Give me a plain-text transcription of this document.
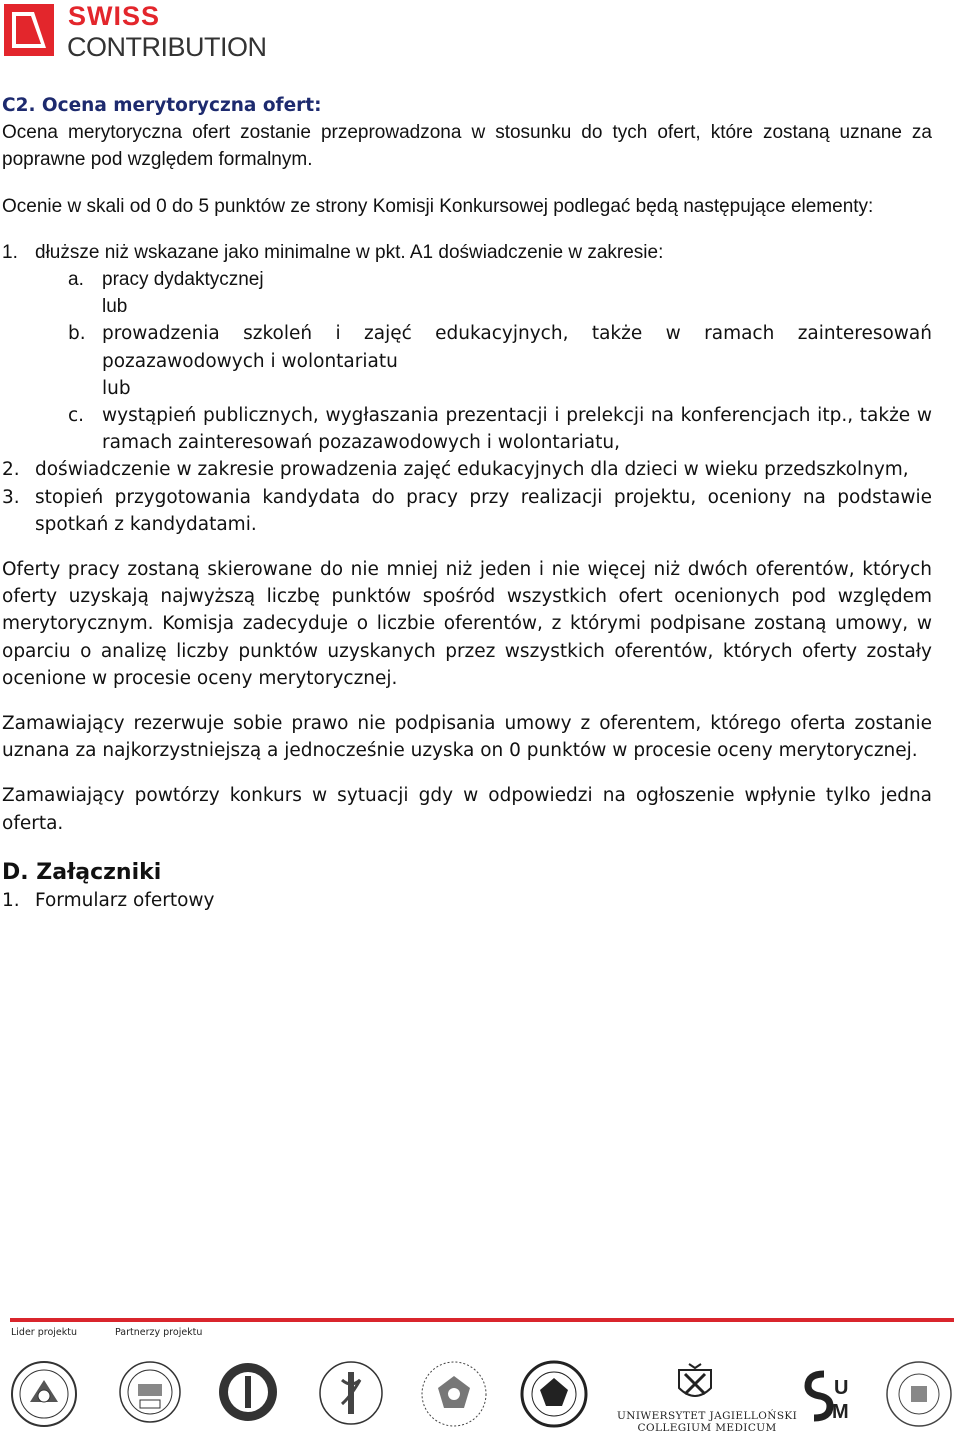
SWISS
CONTRIBUTION

C2. Ocena merytoryczna ofert:

Ocena merytoryczna ofert zostanie przeprowadzona w stosunku do tych ofert, które zostaną uznane za poprawne pod względem formalnym.

Ocenie w skali od 0 do 5 punktów ze strony Komisji Konkursowej podlegać będą następujące elementy:

1. dłuższe niż wskazane jako minimalne w pkt. A1 doświadczenie w zakresie:
a. pracy dydaktycznej
lub
b. prowadzenia szkoleń i zajęć edukacyjnych, także w ramach zainteresowań pozazawodowych i wolontariatu
lub
c. wystąpień publicznych, wygłaszania prezentacji i prelekcji na konferencjach itp., także w ramach zainteresowań pozazawodowych i wolontariatu,
2. doświadczenie w zakresie prowadzenia zajęć edukacyjnych dla dzieci w wieku przedszkolnym,
3. stopień przygotowania kandydata do pracy przy realizacji projektu, oceniony na podstawie spotkań z kandydatami.

Oferty pracy zostaną skierowane do nie mniej niż jeden i nie więcej niż dwóch oferentów, których oferty uzyskają najwyższą liczbę punktów spośród wszystkich ofert ocenionych pod względem merytorycznym. Komisja zadecyduje o liczbie oferentów, z którymi podpisane zostaną umowy, w oparciu o analizę liczby punktów uzyskanych przez wszystkich oferentów, których oferty zostały ocenione w procesie oceny merytorycznej.

Zamawiający rezerwuje sobie prawo nie podpisania umowy z oferentem, którego oferta zostanie uznana za najkorzystniejszą a jednocześnie uzyska on 0 punktów w procesie oceny merytorycznej.

Zamawiający powtórzy konkurs w sytuacji gdy w odpowiedzi na ogłoszenie wpłynie tylko jedna oferta.

D. Załączniki
1. Formularz ofertowy
Lider projektu	Partnerzy projektu
UNIWERSYTET JAGIELLOŃSKI
COLLEGIUM MEDICUM
U
M
